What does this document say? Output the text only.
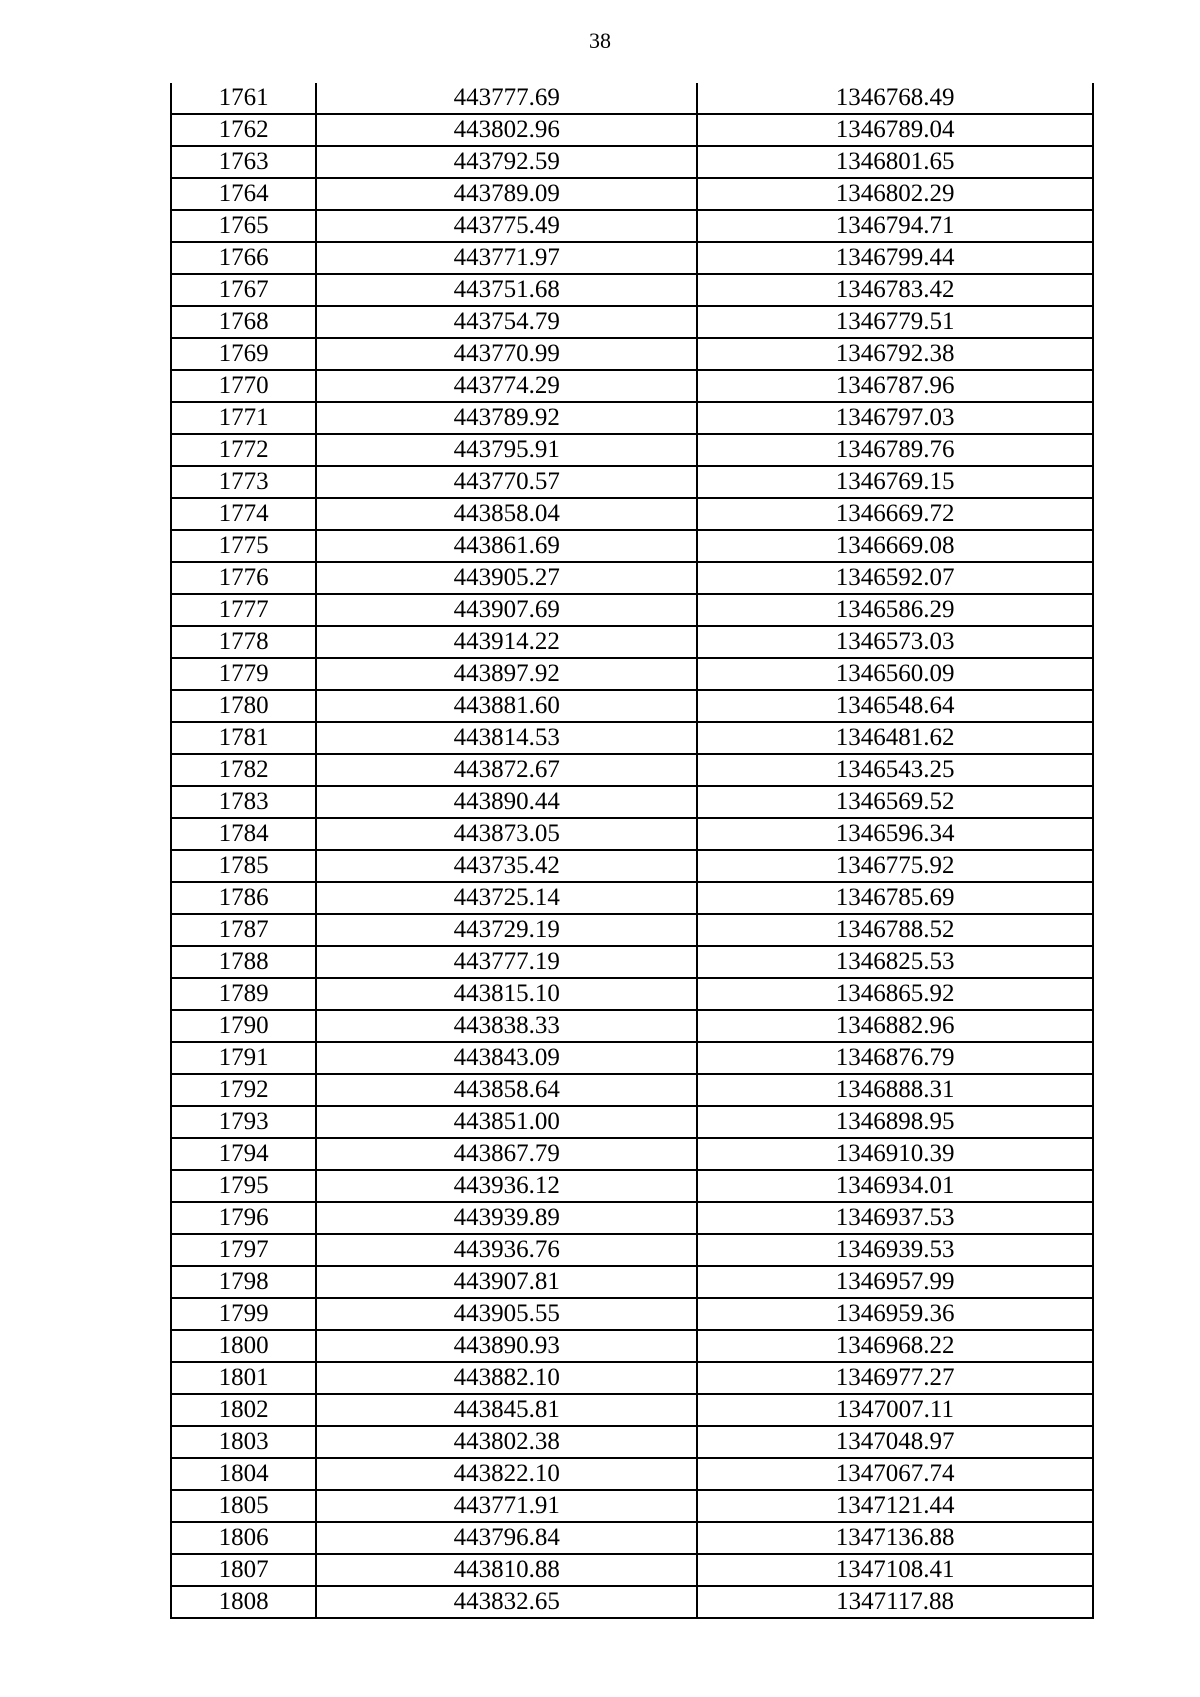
38
1761	443777.69	1346768.49
1762	443802.96	1346789.04
1763	443792.59	1346801.65
1764	443789.09	1346802.29
1765	443775.49	1346794.71
1766	443771.97	1346799.44
1767	443751.68	1346783.42
1768	443754.79	1346779.51
1769	443770.99	1346792.38
1770	443774.29	1346787.96
1771	443789.92	1346797.03
1772	443795.91	1346789.76
1773	443770.57	1346769.15
1774	443858.04	1346669.72
1775	443861.69	1346669.08
1776	443905.27	1346592.07
1777	443907.69	1346586.29
1778	443914.22	1346573.03
1779	443897.92	1346560.09
1780	443881.60	1346548.64
1781	443814.53	1346481.62
1782	443872.67	1346543.25
1783	443890.44	1346569.52
1784	443873.05	1346596.34
1785	443735.42	1346775.92
1786	443725.14	1346785.69
1787	443729.19	1346788.52
1788	443777.19	1346825.53
1789	443815.10	1346865.92
1790	443838.33	1346882.96
1791	443843.09	1346876.79
1792	443858.64	1346888.31
1793	443851.00	1346898.95
1794	443867.79	1346910.39
1795	443936.12	1346934.01
1796	443939.89	1346937.53
1797	443936.76	1346939.53
1798	443907.81	1346957.99
1799	443905.55	1346959.36
1800	443890.93	1346968.22
1801	443882.10	1346977.27
1802	443845.81	1347007.11
1803	443802.38	1347048.97
1804	443822.10	1347067.74
1805	443771.91	1347121.44
1806	443796.84	1347136.88
1807	443810.88	1347108.41
1808	443832.65	1347117.88
